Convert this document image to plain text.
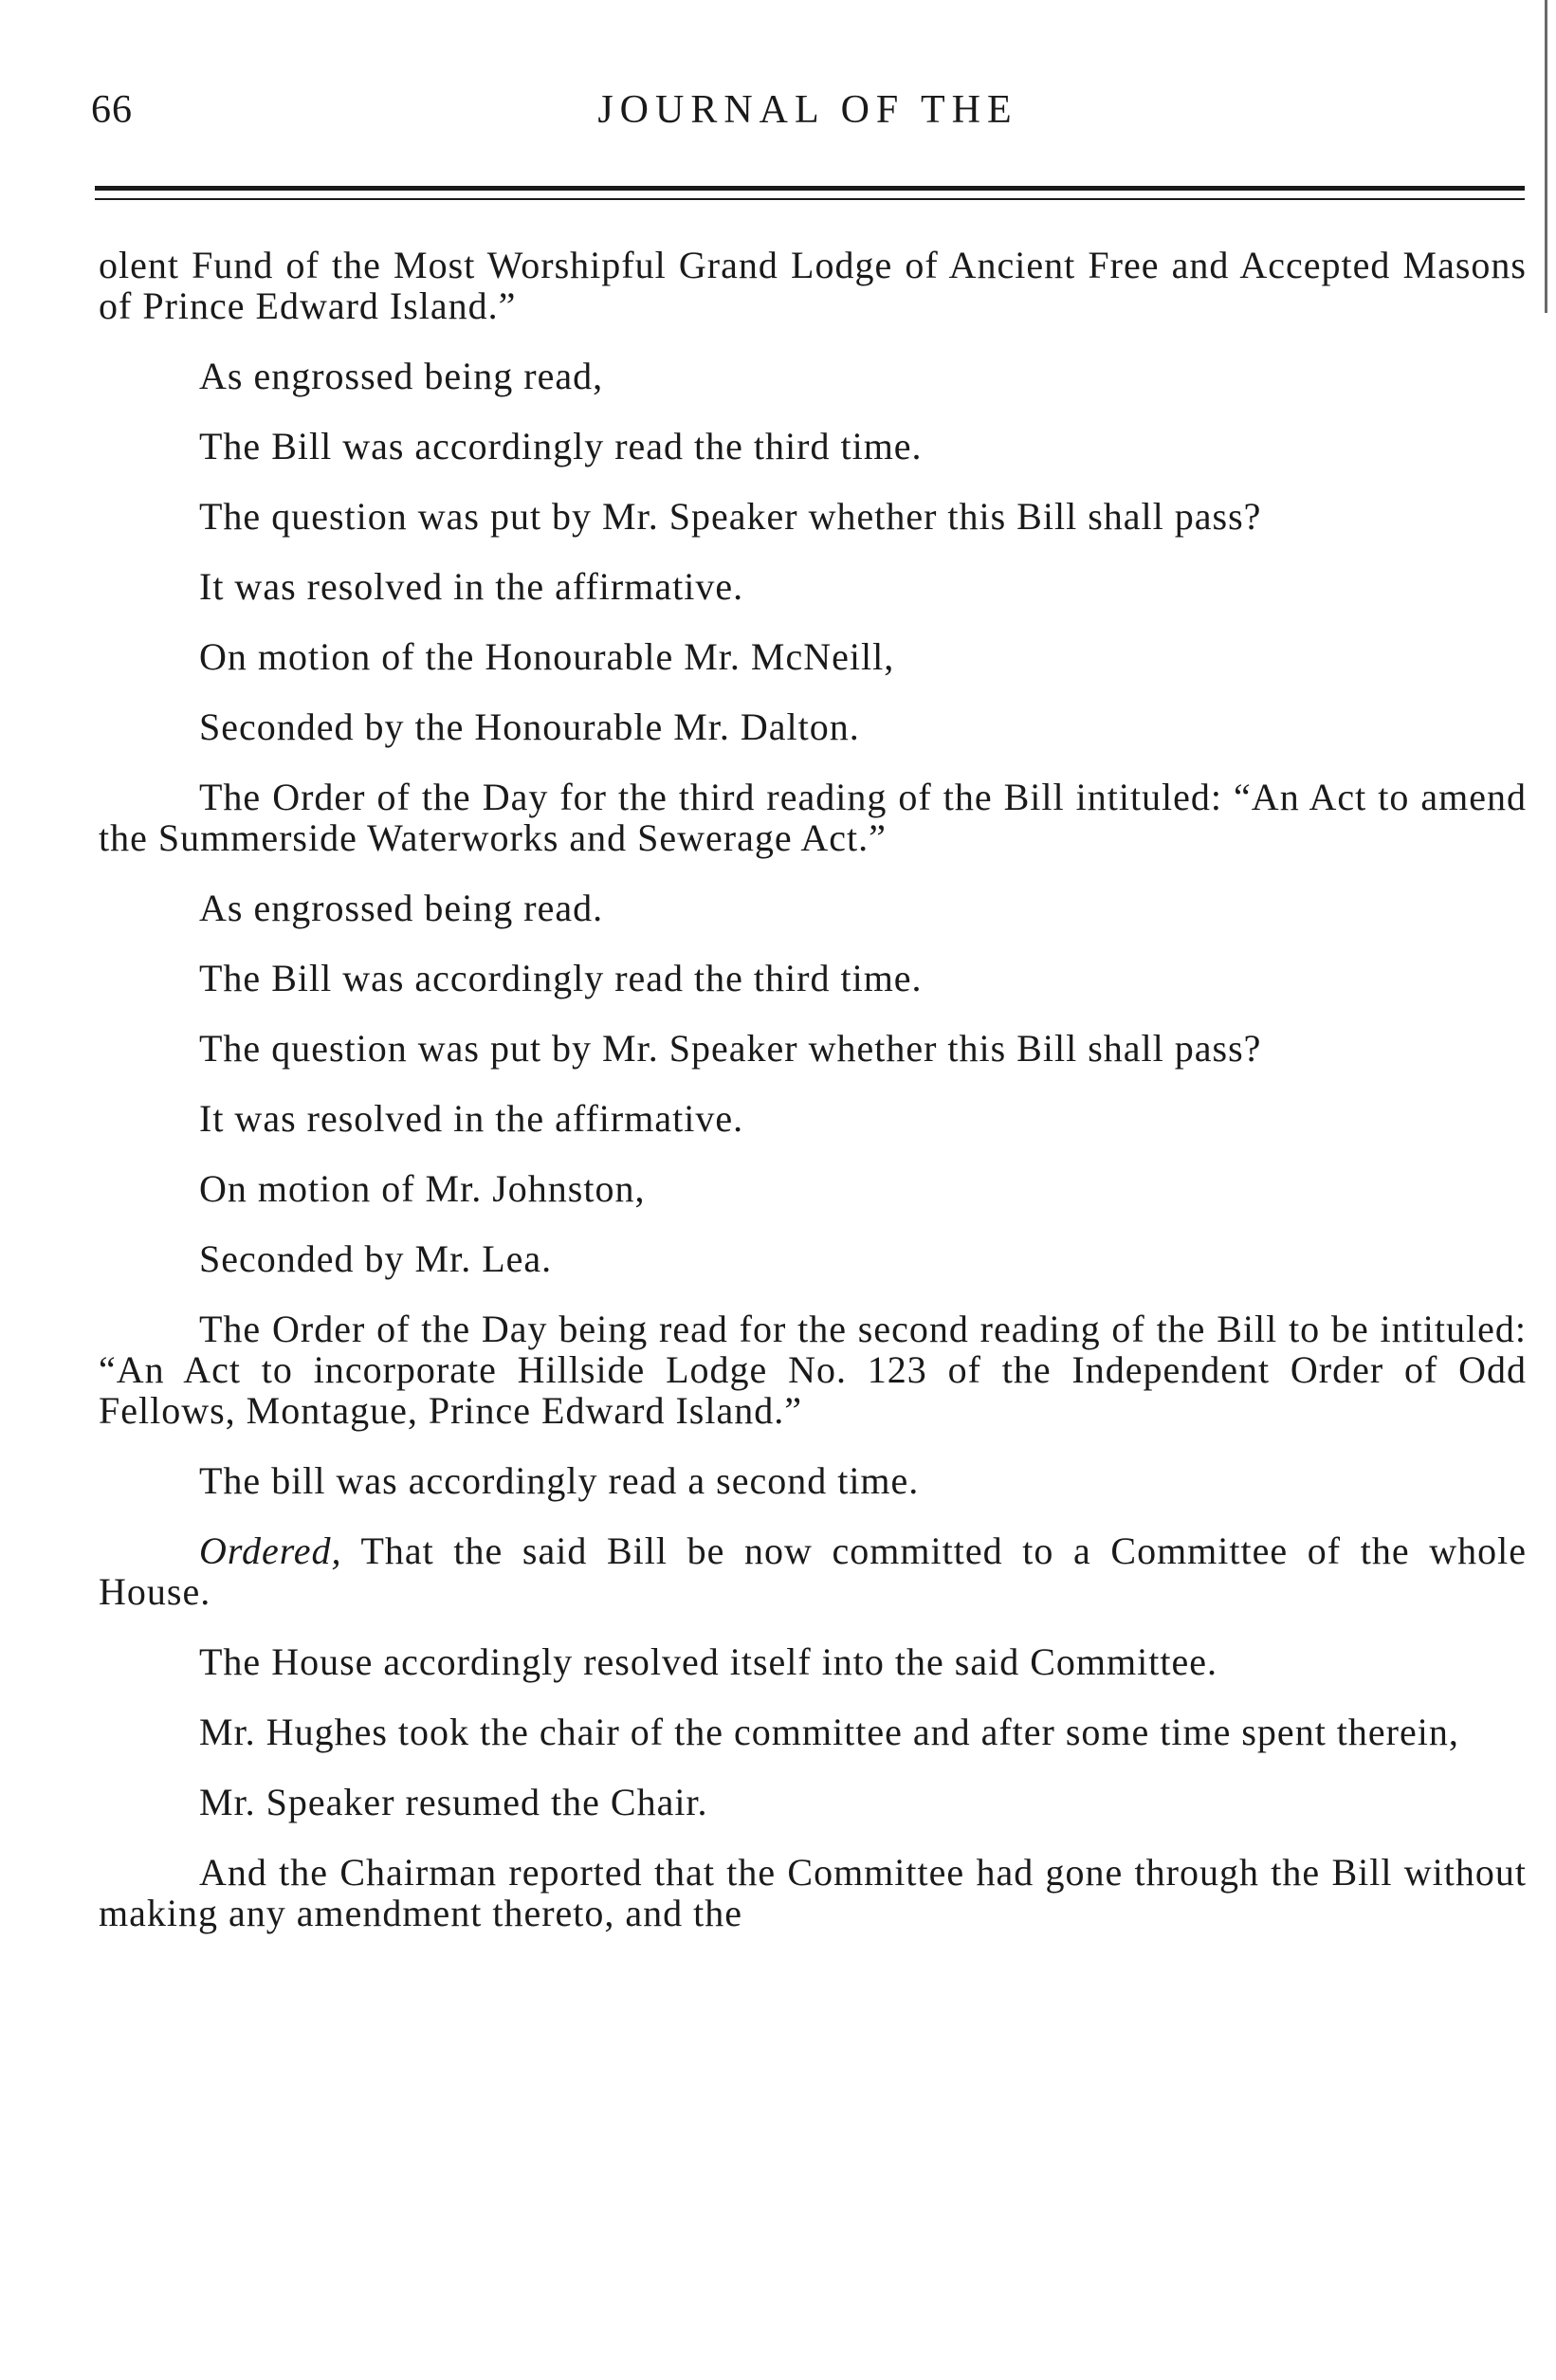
66	JOURNAL OF THE

olent Fund of the Most Worshipful Grand Lodge of Ancient Free and Accepted Masons of Prince Edward Island.”

As engrossed being read,

The Bill was accordingly read the third time.

The question was put by Mr. Speaker whether this Bill shall pass?

It was resolved in the affirmative.

On motion of the Honourable Mr. McNeill,

Seconded by the Honourable Mr. Dalton.

The Order of the Day for the third reading of the Bill intituled: “An Act to amend the Summerside Waterworks and Sewerage Act.”

As engrossed being read.

The Bill was accordingly read the third time.

The question was put by Mr. Speaker whether this Bill shall pass?

It was resolved in the affirmative.

On motion of Mr. Johnston,

Seconded by Mr. Lea.

The Order of the Day being read for the second reading of the Bill to be intituled: “An Act to incorporate Hillside Lodge No. 123 of the Independent Order of Odd Fellows, Montague, Prince Edward Island.”

The bill was accordingly read a second time.

Ordered, That the said Bill be now committed to a Committee of the whole House.

The House accordingly resolved itself into the said Committee.

Mr. Hughes took the chair of the committee and after some time spent therein,

Mr. Speaker resumed the Chair.

And the Chairman reported that the Committee had gone through the Bill without making any amendment thereto, and the
